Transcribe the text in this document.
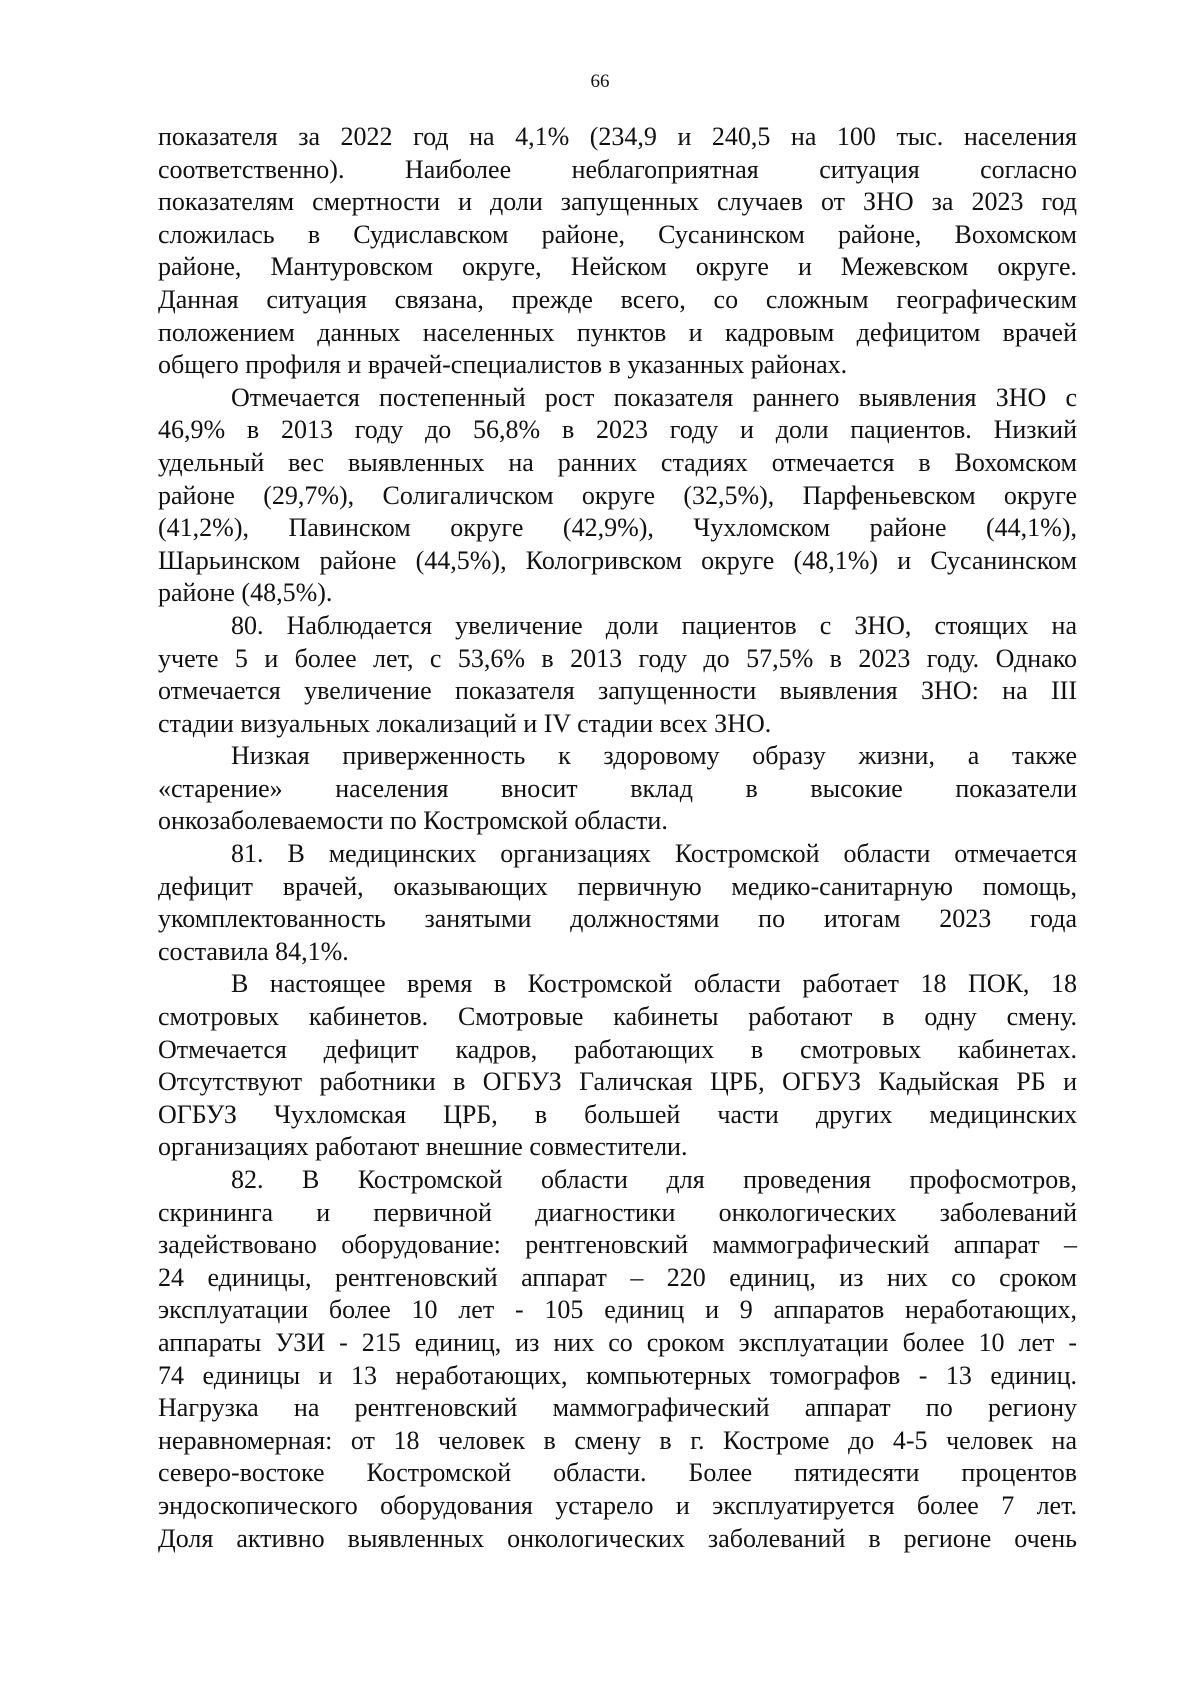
66
показателя за 2022 год на 4,1% (234,9 и 240,5 на 100 тыс. населения
соответственно). Наиболее неблагоприятная ситуация согласно
показателям смертности и доли запущенных случаев от ЗНО за 2023 год
сложилась в Судиславском районе, Сусанинском районе, Вохомском
районе, Мантуровском округе, Нейском округе и Межевском округе.
Данная ситуация связана, прежде всего, со сложным географическим
положением данных населенных пунктов и кадровым дефицитом врачей
общего профиля и врачей-специалистов в указанных районах.
Отмечается постепенный рост показателя раннего выявления ЗНО с
46,9% в 2013 году до 56,8% в 2023 году и доли пациентов. Низкий
удельный вес выявленных на ранних стадиях отмечается в Вохомском
районе (29,7%), Солигаличском округе (32,5%), Парфеньевском округе
(41,2%), Павинском округе (42,9%), Чухломском районе (44,1%),
Шарьинском районе (44,5%), Кологривском округе (48,1%) и Сусанинском
районе (48,5%).
80. Наблюдается увеличение доли пациентов с ЗНО, стоящих на
учете 5 и более лет, с 53,6% в 2013 году до 57,5% в 2023 году. Однако
отмечается увеличение показателя запущенности выявления ЗНО: на III
стадии визуальных локализаций и IV стадии всех ЗНО.
Низкая приверженность к здоровому образу жизни, а также
«старение» населения вносит вклад в высокие показатели
онкозаболеваемости по Костромской области.
81. В медицинских организациях Костромской области отмечается
дефицит врачей, оказывающих первичную медико-санитарную помощь,
укомплектованность занятыми должностями по итогам 2023 года
составила 84,1%.
В настоящее время в Костромской области работает 18 ПОК, 18
смотровых кабинетов. Смотровые кабинеты работают в одну смену.
Отмечается дефицит кадров, работающих в смотровых кабинетах.
Отсутствуют работники в ОГБУЗ Галичская ЦРБ, ОГБУЗ Кадыйская РБ и
ОГБУЗ Чухломская ЦРБ, в большей части других медицинских
организациях работают внешние совместители.
82. В Костромской области для проведения профосмотров,
скрининга и первичной диагностики онкологических заболеваний
задействовано оборудование: рентгеновский маммографический аппарат –
24 единицы, рентгеновский аппарат – 220 единиц, из них со сроком
эксплуатации более 10 лет - 105 единиц и 9 аппаратов неработающих,
аппараты УЗИ - 215 единиц, из них со сроком эксплуатации более 10 лет -
74 единицы и 13 неработающих, компьютерных томографов - 13 единиц.
Нагрузка на рентгеновский маммографический аппарат по региону
неравномерная: от 18 человек в смену в г. Костроме до 4-5 человек на
северо-востоке Костромской области. Более пятидесяти процентов
эндоскопического оборудования устарело и эксплуатируется более 7 лет.
Доля активно выявленных онкологических заболеваний в регионе очень
